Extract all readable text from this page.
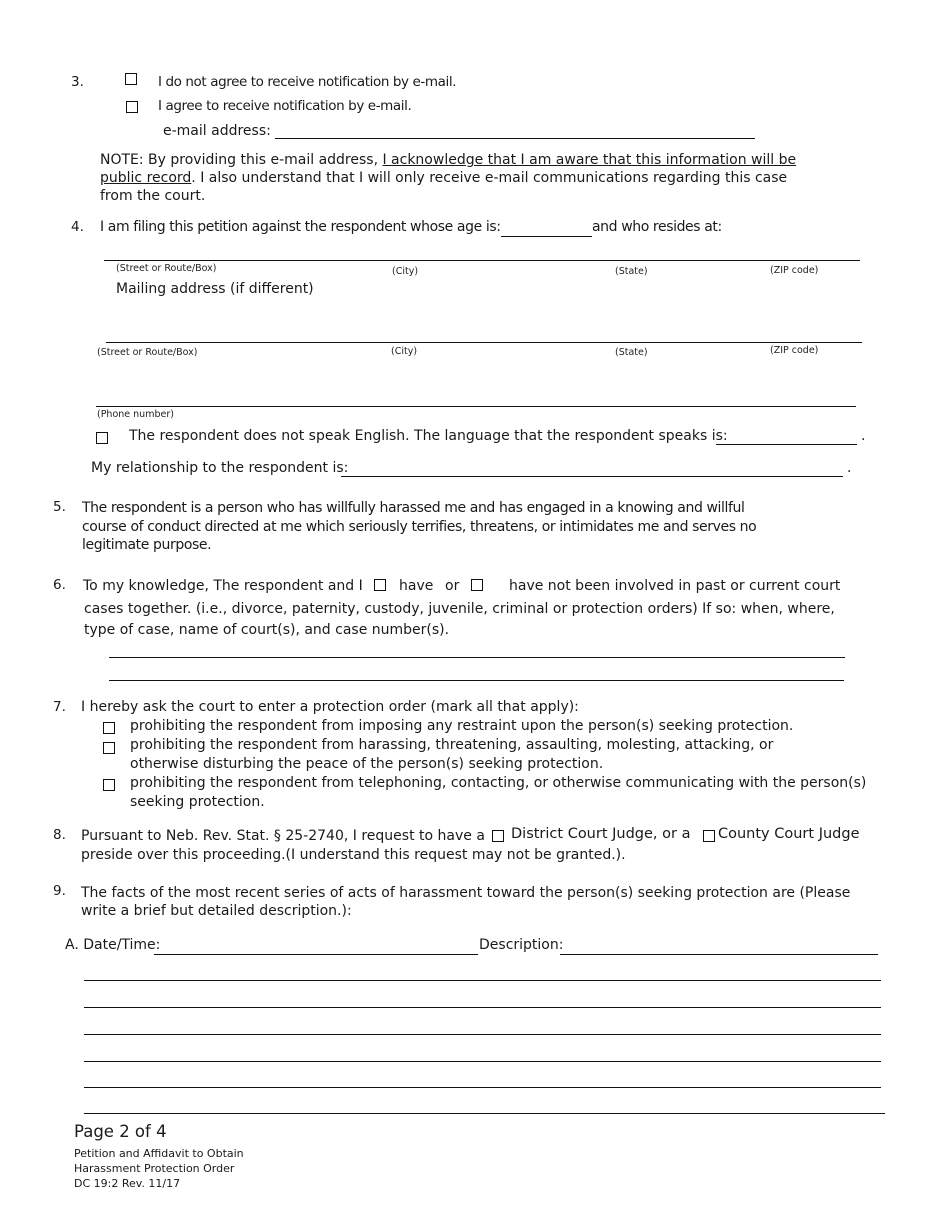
3.	I do not agree to receive notification by e-mail.
I agree to receive notification by e-mail.
e-mail address:
NOTE: By providing this e-mail address, I acknowledge that I am aware that this information will be
public record. I also understand that I will only receive e-mail communications regarding this case
from the court.
4. I am filing this petition against the respondent whose age is:	and who resides at:
(Street or Route/Box)	(City)	(State)	(ZIP code)
Mailing address (if different)
(Street or Route/Box)	(City)	(State)	(ZIP code)
(Phone number)
The respondent does not speak English. The language that the respondent speaks is:	.
My relationship to the respondent is:	.
5. The respondent is a person who has willfully harassed me and has engaged in a knowing and willful
course of conduct directed at me which seriously terrifies, threatens, or intimidates me and serves no
legitimate purpose.
6. To my knowledge, The respondent and I	have or	have not been involved in past or current court
cases together. (i.e., divorce, paternity, custody, juvenile, criminal or protection orders) If so: when, where,
type of case, name of court(s), and case number(s).
7. I hereby ask the court to enter a protection order (mark all that apply):
prohibiting the respondent from imposing any restraint upon the person(s) seeking protection.
prohibiting the respondent from harassing, threatening, assaulting, molesting, attacking, or
otherwise disturbing the peace of the person(s) seeking protection.
prohibiting the respondent from telephoning, contacting, or otherwise communicating with the person(s)
seeking protection.
8. Pursuant to Neb. Rev. Stat. § 25-2740, I request to have a District Court Judge, or a County Court Judge
preside over this proceeding.(I understand this request may not be granted.).
9. The facts of the most recent series of acts of harassment toward the person(s) seeking protection are (Please
write a brief but detailed description.):
A. Date/Time:	Description:
Page 2 of 4
Petition and Affidavit to Obtain
Harassment Protection Order
DC 19:2 Rev. 11/17
